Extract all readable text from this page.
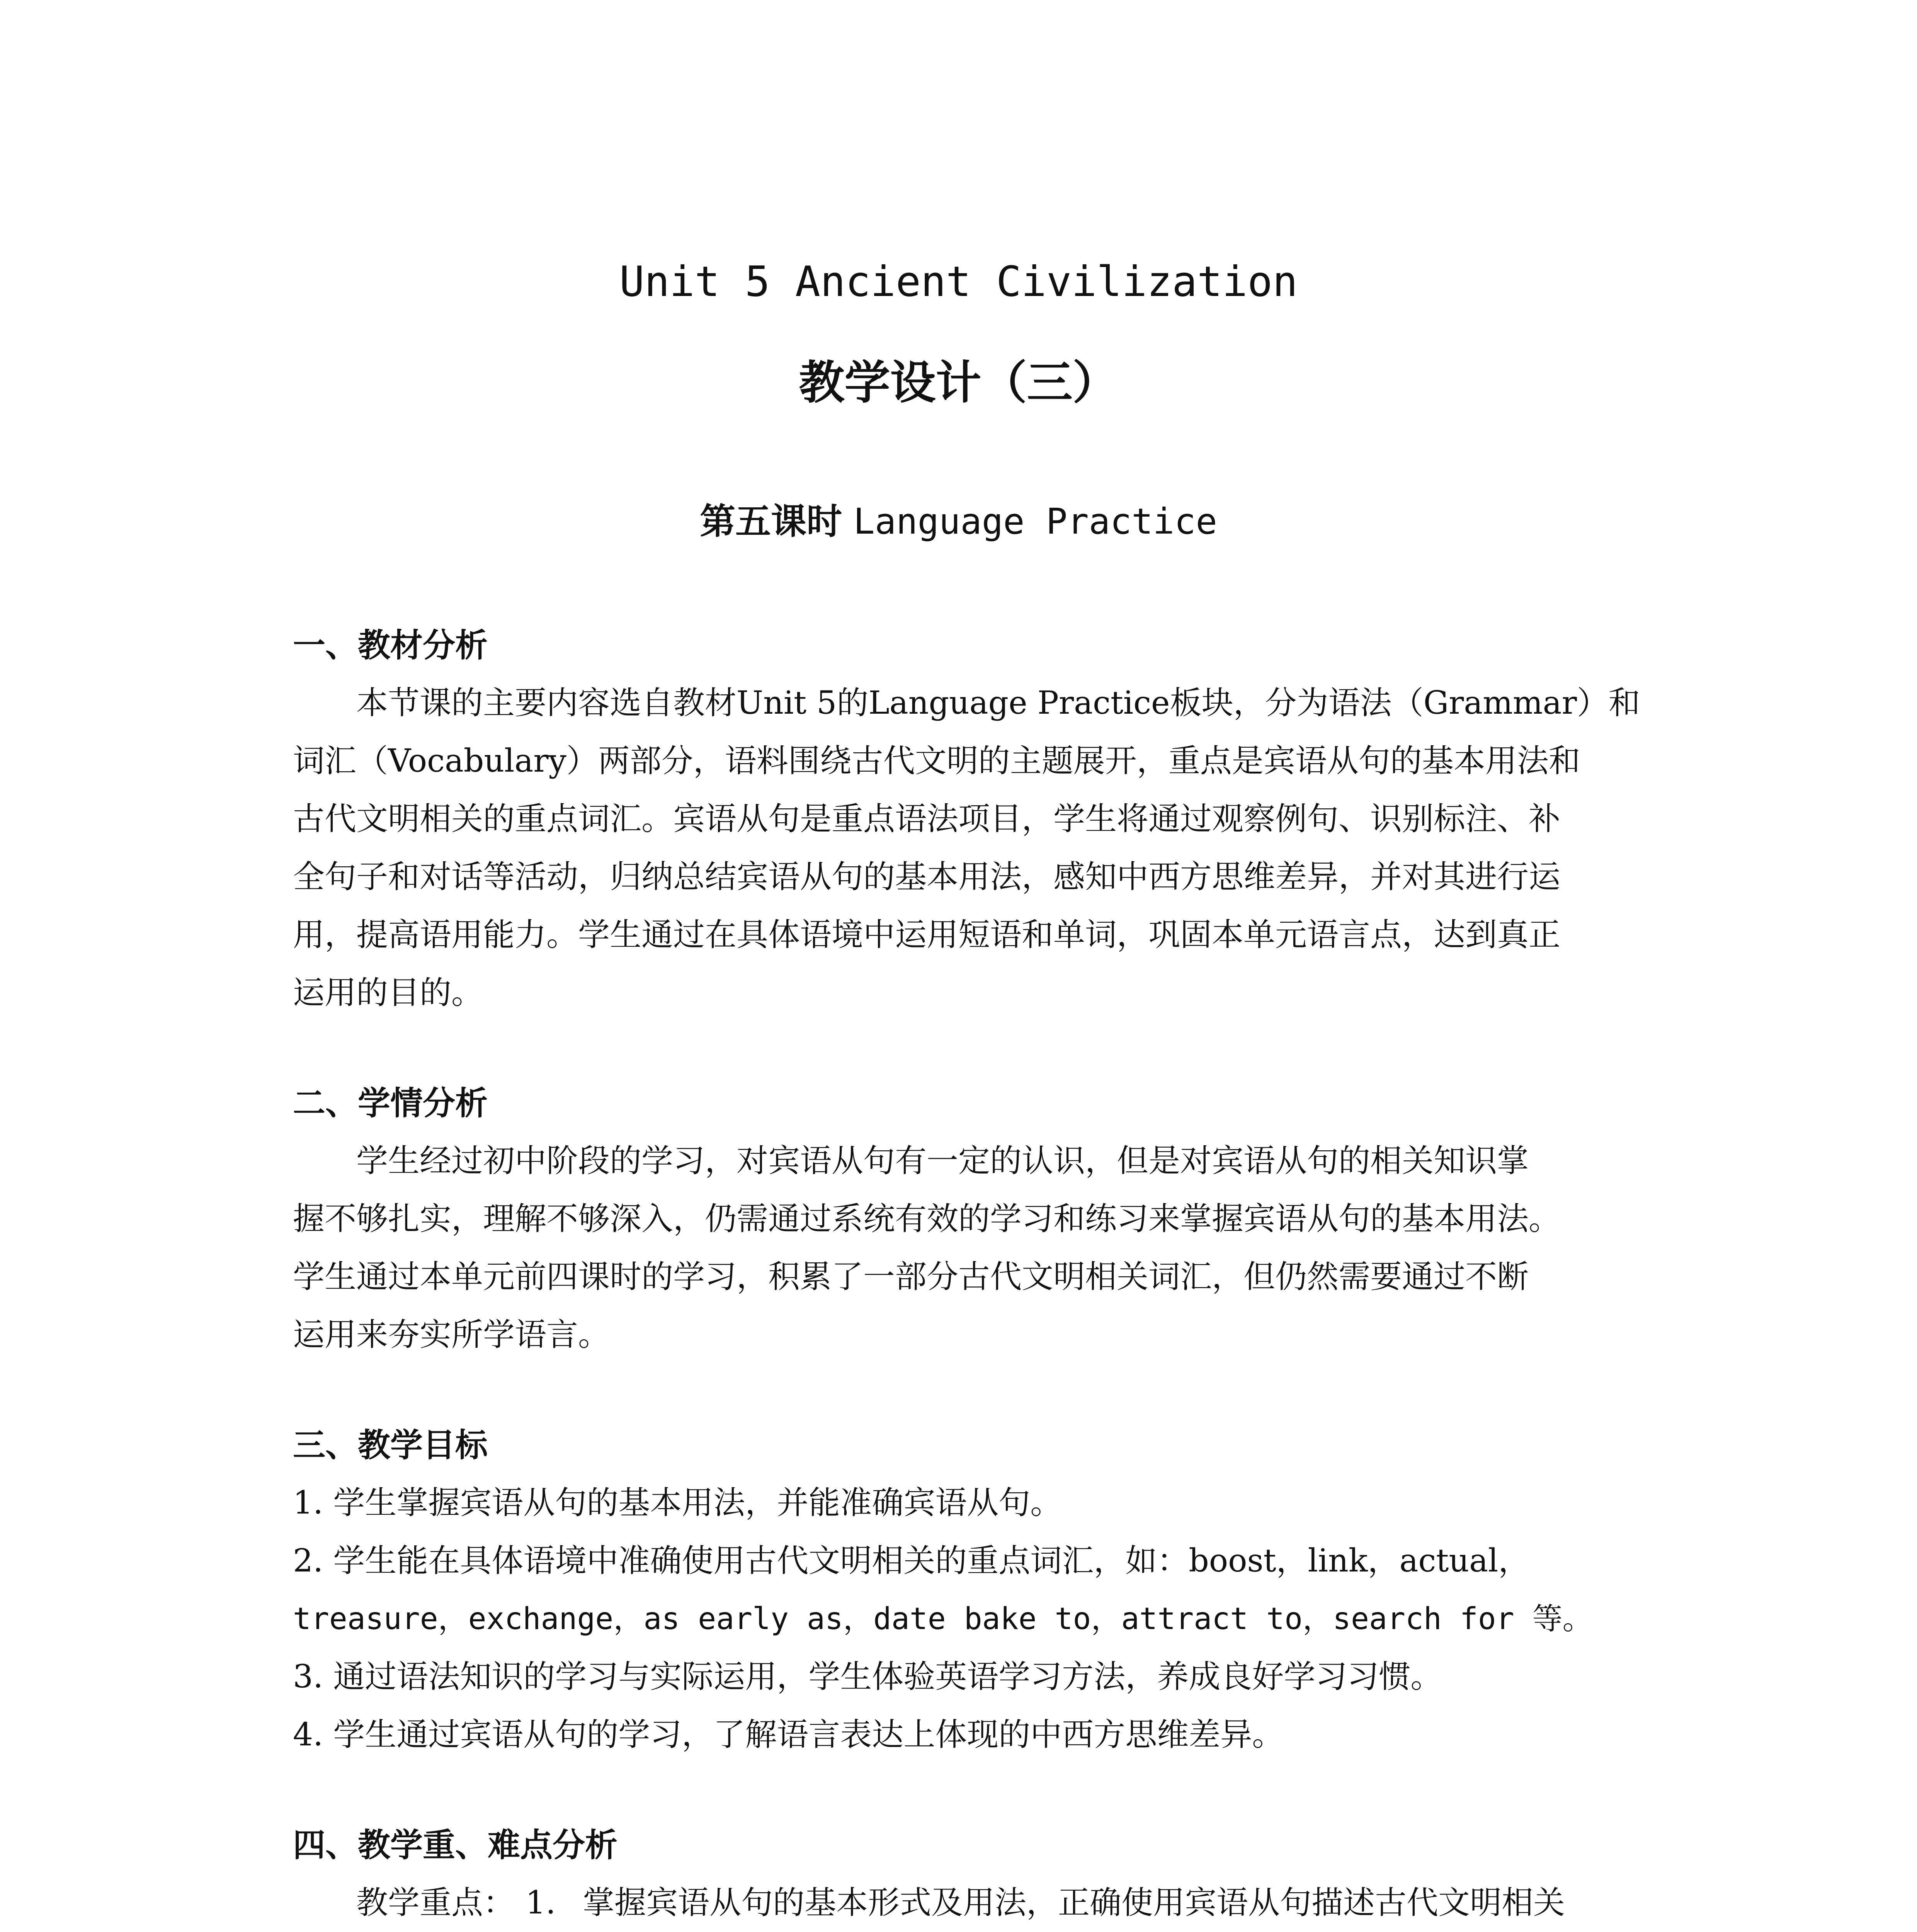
Unit 5 Ancient Civilization
教学设计（三）
第五课时 Language Practice
一、教材分析
本节课的主要内容选自教材Unit 5的Language Practice板块，分为语法（Grammar）和
词汇（Vocabulary）两部分，语料围绕古代文明的主题展开，重点是宾语从句的基本用法和
古代文明相关的重点词汇。宾语从句是重点语法项目，学生将通过观察例句、识别标注、补
全句子和对话等活动，归纳总结宾语从句的基本用法，感知中西方思维差异，并对其进行运
用，提高语用能力。学生通过在具体语境中运用短语和单词，巩固本单元语言点，达到真正
运用的目的。
二、学情分析
学生经过初中阶段的学习，对宾语从句有一定的认识，但是对宾语从句的相关知识掌
握不够扎实，理解不够深入，仍需通过系统有效的学习和练习来掌握宾语从句的基本用法。
学生通过本单元前四课时的学习，积累了一部分古代文明相关词汇，但仍然需要通过不断
运用来夯实所学语言。
三、教学目标
1. 学生掌握宾语从句的基本用法，并能准确宾语从句。
2. 学生能在具体语境中准确使用古代文明相关的重点词汇，如：boost，link，actual，
treasure，exchange，as early as，date bake to，attract to，search for 等。
3. 通过语法知识的学习与实际运用，学生体验英语学习方法，养成良好学习习惯。
4. 学生通过宾语从句的学习，了解语言表达上体现的中西方思维差异。
四、教学重、难点分析
教学重点： 1. 掌握宾语从句的基本形式及用法，正确使用宾语从句描述古代文明相关
